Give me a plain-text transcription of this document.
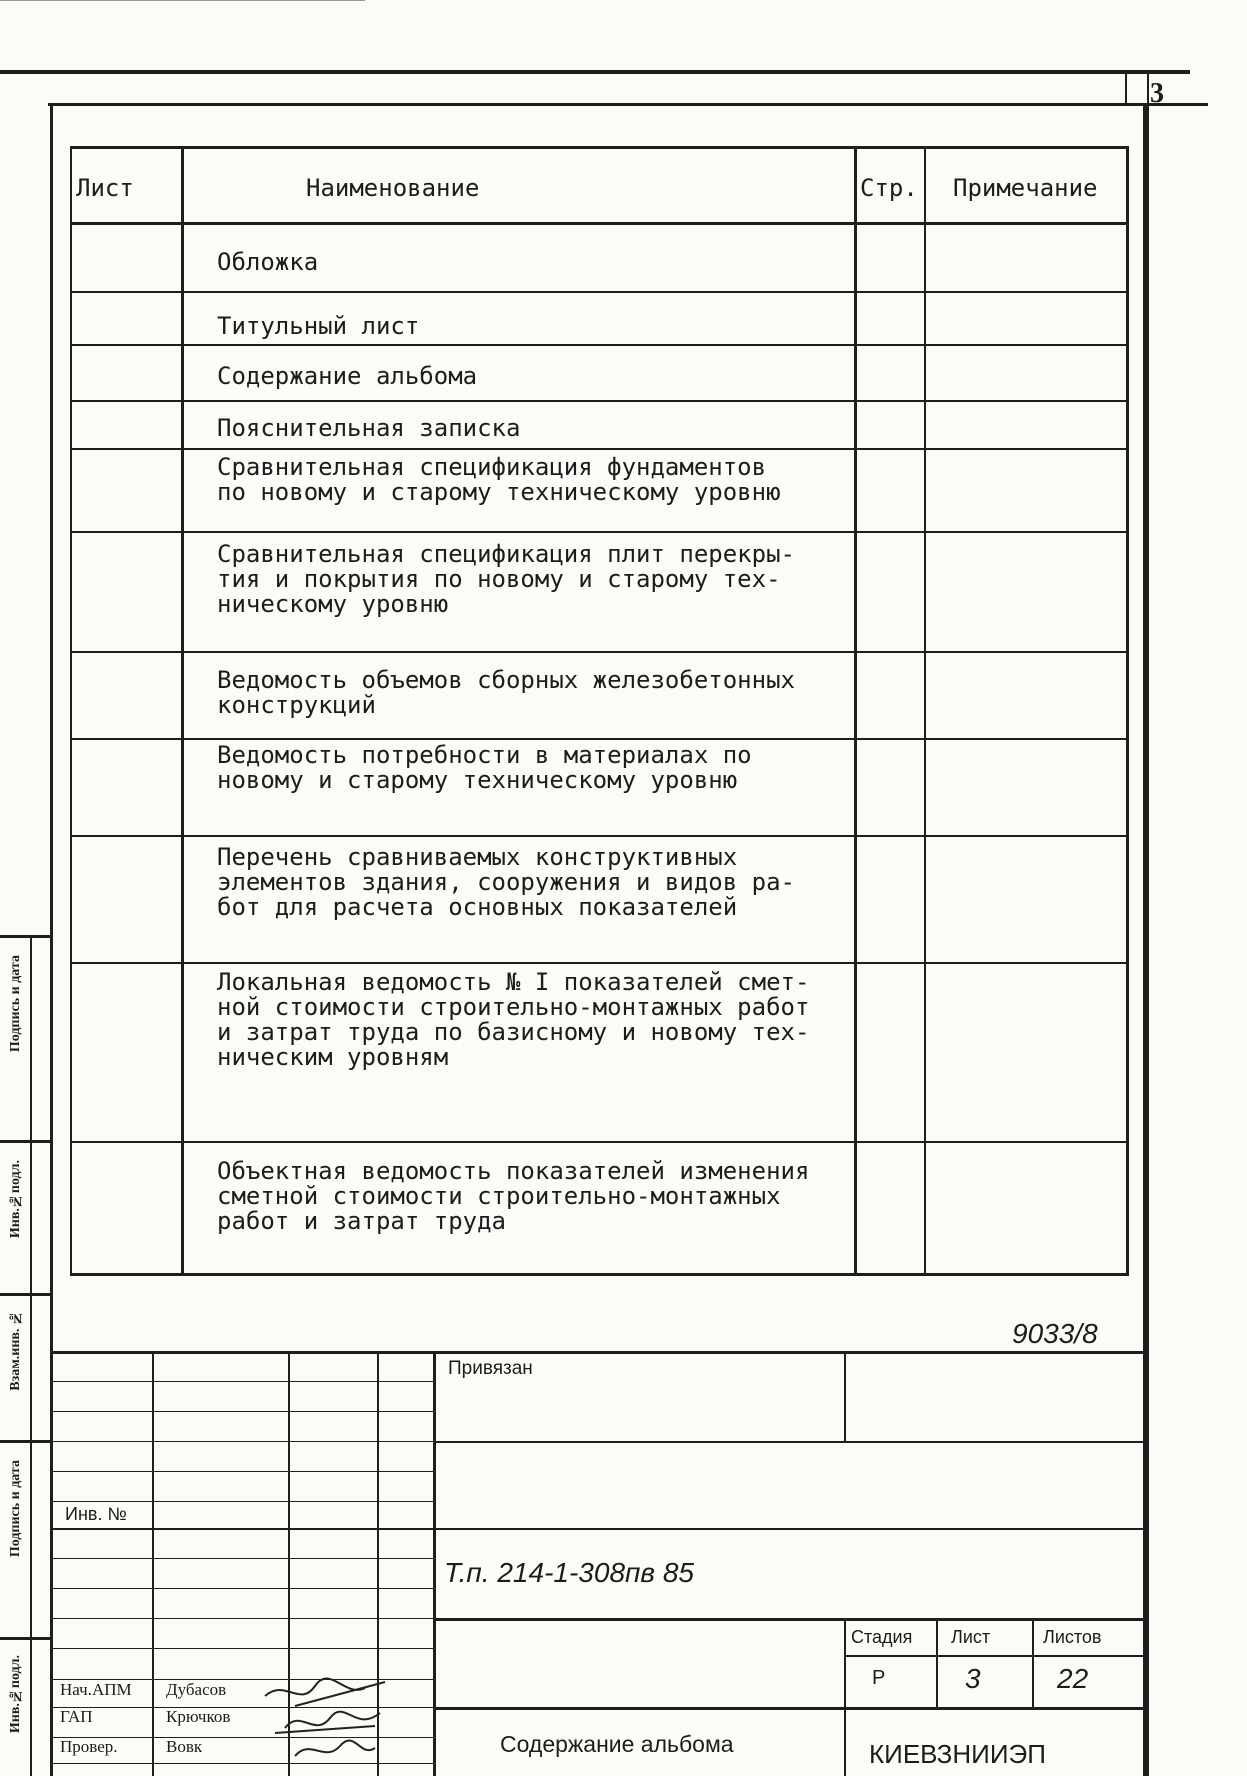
3
Лист	Наименование	Стр. Примечание
Обложка
Титульный лист
Содержание альбома
Пояснительная записка
Сравнительная спецификация фундаментов
по новому и старому техническому уровню
Сравнительная спецификация плит перекры-
тия и покрытия по новому и старому тех-
ническому уровню
Ведомость объемов сборных железобетонных
конструкций
Ведомость потребности в материалах по
новому и старому техническому уровню
Перечень сравниваемых конструктивных
элементов здания, сооружения и видов ра-
бот для расчета основных показателей
Локальная ведомость № I показателей смет-
ной стоимости строительно-монтажных работ
и затрат труда по базисному и новому тех-
ническим уровням
Объектная ведомость показателей изменения
сметной стоимости строительно-монтажных
работ и затрат труда
9033/8
Привязан
Инв. №
Т.п. 214-1-308пв 85
Стадия Лист	Листов
Р	3	22
Содержание альбома	КИЕВЗНИИЭП
Нач.АПМ Дубасов
ГАП	Крючков
Провер.	Вовк
Подпись и дата
Инв.№подл.
Взам.инв. №
Подпись и дата
Инв.№подл.
